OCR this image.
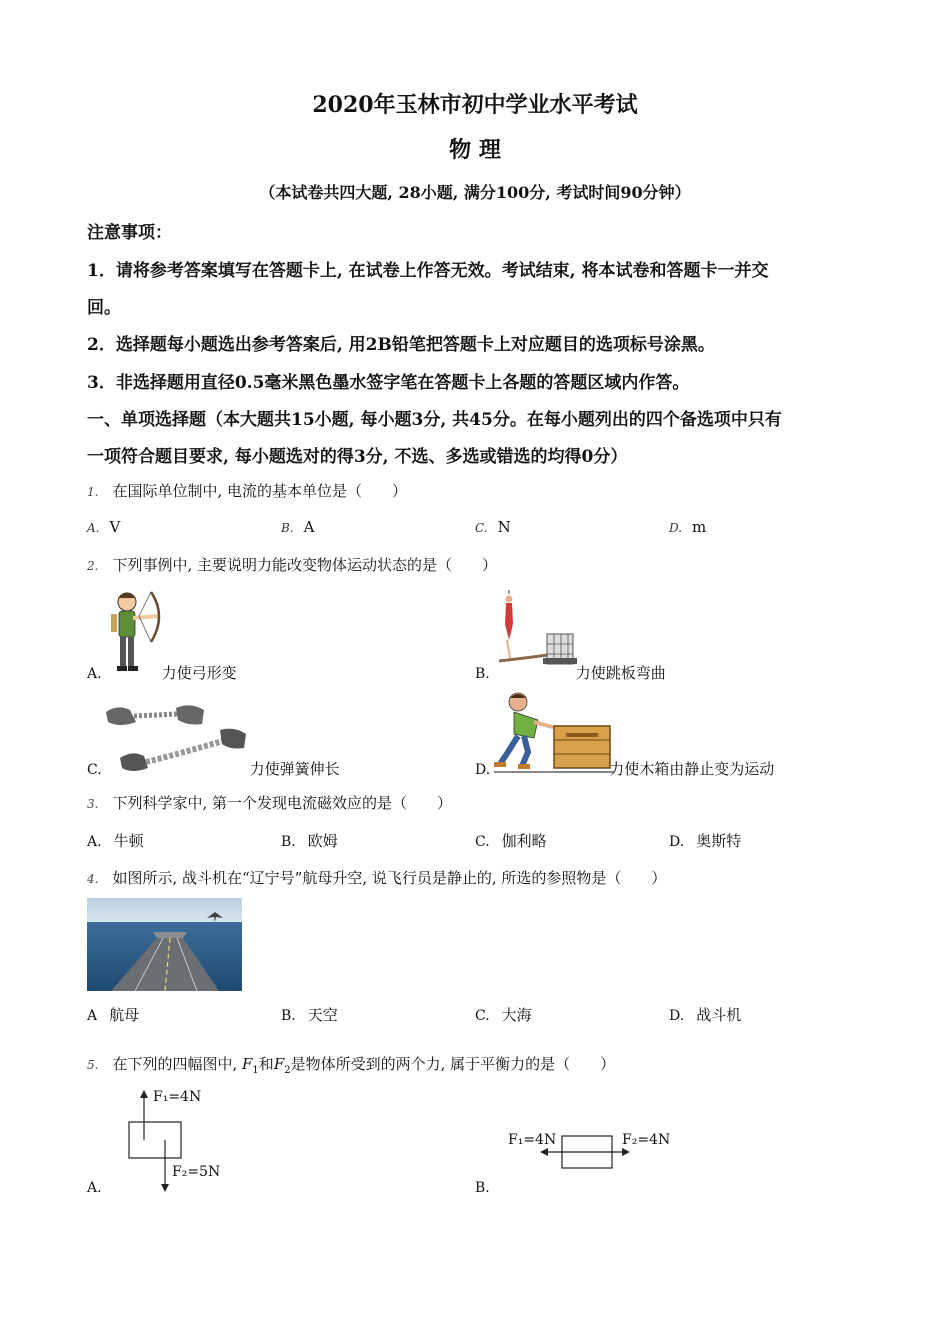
2020年玉林市初中学业水平考试
物 理
（本试卷共四大题, 28小题, 满分100分, 考试时间90分钟）
注意事项：
1．请将参考答案填写在答题卡上, 在试卷上作答无效。考试结束, 将本试卷和答题卡一并交
回。
2．选择题每小题选出参考答案后, 用2B铅笔把答题卡上对应题目的选项标号涂黑。
3．非选择题用直径0.5毫米黑色墨水签字笔在答题卡上各题的答题区域内作答。
一、单项选择题（本大题共15小题, 每小题3分, 共45分。在每小题列出的四个备选项中只有
一项符合题目要求, 每小题选对的得3分, 不选、多选或错选的均得0分）
1. 在国际单位制中, 电流的基本单位是（　　）
A. V	B. A	C. N	D. m
2. 下列事例中, 主要说明力能改变物体运动状态的是（　　）
A.	力使弓形变	B.	力使跳板弯曲
C.	力使弹簧伸长	D.	力使木箱由静止变为运动
3. 下列科学家中, 第一个发现电流磁效应的是（　　）
A. 牛顿	B. 欧姆	C. 伽利略	D. 奥斯特
4. 如图所示, 战斗机在“辽宁号”航母升空, 说飞行员是静止的, 所选的参照物是（　　）
A 航母	B. 天空	C. 大海	D. 战斗机
5. 在下列的四幅图中, $F_1$和$F_2$是物体所受到的两个力, 属于平衡力的是（　　）
F₁=4N
F₂=5N
A.
F₁=4N	F₂=4N
B.
